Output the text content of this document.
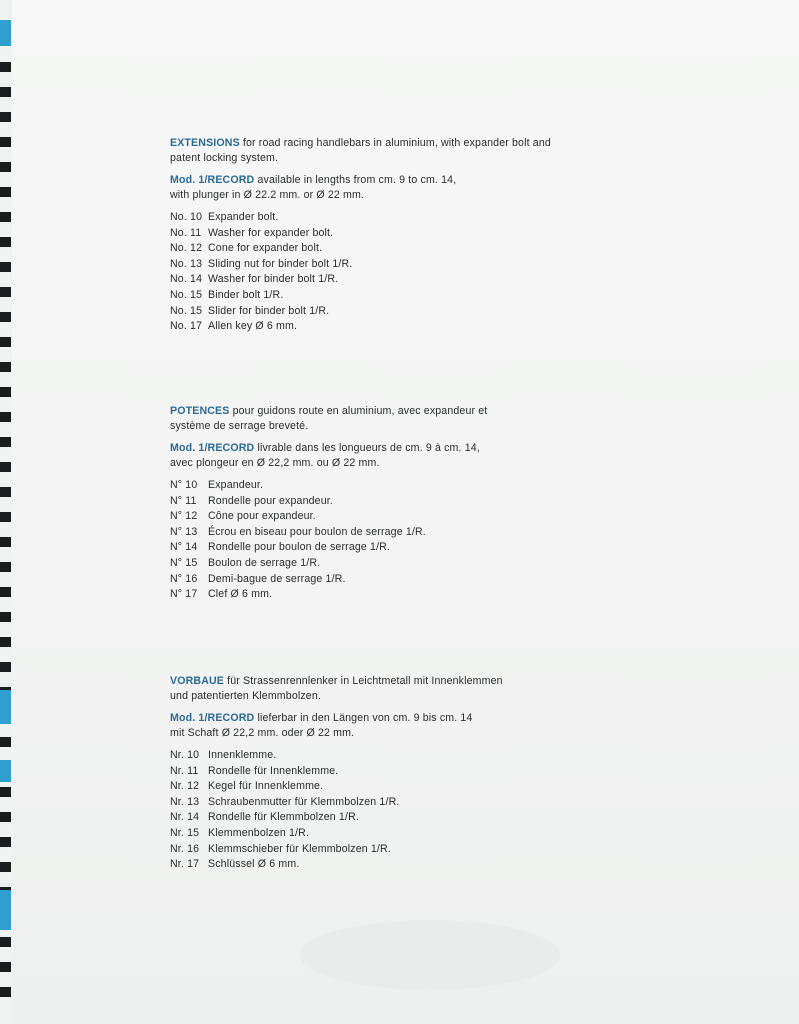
EXTENSIONS for road racing handlebars in aluminium, with expander bolt and

patent locking system.

Mod. 1/RECORD available in lengths from cm. 9 to cm. 14,
with plunger in Ø 22.2 mm. or Ø 22 mm.
No. 10 Expander bolt.
No. 11 Washer for expander bolt.
No. 12 Cone for expander bolt.
No. 13 Sliding nut for binder bolt 1/R.
No. 14 Washer for binder bolt 1/R.
No. 15 Binder bolt 1/R.
No. 15 Slider for binder bolt 1/R.
No. 17 Allen key Ø 6 mm.

POTENCES pour guidons route en aluminium, avec expandeur et

système de serrage breveté.

Mod. 1/RECORD livrable dans les longueurs de cm. 9 à cm. 14,
avec plongeur en Ø 22,2 mm. ou Ø 22 mm.
N° 10	Expandeur.
N° 11	Rondelle pour expandeur.
N° 12	Cône pour expandeur.
N° 13	Écrou en biseau pour boulon de serrage 1/R.
N° 14	Rondelle pour boulon de serrage 1/R.
N° 15	Boulon de serrage 1/R.
N° 16	Demi-bague de serrage 1/R.
N° 17	Clef Ø 6 mm.

VORBAUE für Strassenrennlenker in Leichtmetall mit Innenklemmen

und patentierten Klemmbolzen.

Mod. 1/RECORD lieferbar in den Längen von cm. 9 bis cm. 14
mit Schaft Ø 22,2 mm. oder Ø 22 mm.
Nr. 10 Innenklemme.
Nr. 11 Rondelle für Innenklemme.
Nr. 12 Kegel für Innenklemme.
Nr. 13 Schraubenmutter für Klemmbolzen 1/R.
Nr. 14 Rondelle für Klemmbolzen 1/R.
Nr. 15 Klemmenbolzen 1/R.
Nr. 16 Klemmschieber für Klemmbolzen 1/R.
Nr. 17 Schlüssel Ø 6 mm.
